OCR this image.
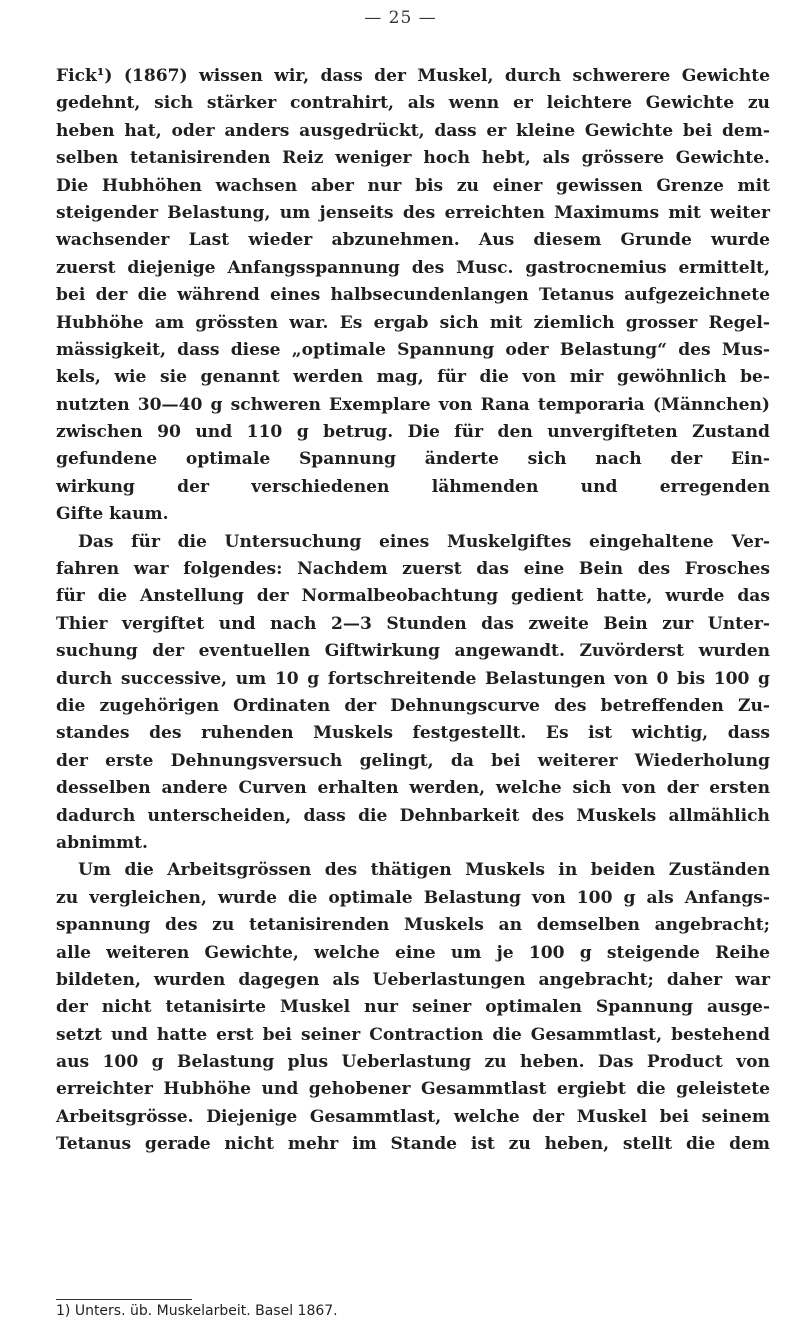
— 25 —
Fick¹) (1867) wissen wir, dass der Muskel, durch schwerere Gewichte
gedehnt, sich stärker contrahirt, als wenn er leichtere Gewichte zu
heben hat, oder anders ausgedrückt, dass er kleine Gewichte bei dem-
selben tetanisirenden Reiz weniger hoch hebt, als grössere Gewichte.
Die Hubhöhen wachsen aber nur bis zu einer gewissen Grenze mit
steigender Belastung, um jenseits des erreichten Maximums mit weiter
wachsender Last wieder abzunehmen. Aus diesem Grunde wurde
zuerst diejenige Anfangsspannung des Musc. gastrocnemius ermittelt,
bei der die während eines halbsecundenlangen Tetanus aufgezeichnete
Hubhöhe am grössten war. Es ergab sich mit ziemlich grosser Regel-
mässigkeit, dass diese „optimale Spannung oder Belastung“ des Mus-
kels, wie sie genannt werden mag, für die von mir gewöhnlich be-
nutzten 30—40 g schweren Exemplare von Rana temporaria (Männchen)
zwischen 90 und 110 g betrug. Die für den unvergifteten Zustand
gefundene optimale Spannung änderte sich nach der Ein-
wirkung der verschiedenen lähmenden und erregenden
Gifte kaum.
Das für die Untersuchung eines Muskelgiftes eingehaltene Ver-
fahren war folgendes: Nachdem zuerst das eine Bein des Frosches
für die Anstellung der Normalbeobachtung gedient hatte, wurde das
Thier vergiftet und nach 2—3 Stunden das zweite Bein zur Unter-
suchung der eventuellen Giftwirkung angewandt. Zuvörderst wurden
durch successive, um 10 g fortschreitende Belastungen von 0 bis 100 g
die zugehörigen Ordinaten der Dehnungscurve des betreffenden Zu-
standes des ruhenden Muskels festgestellt. Es ist wichtig, dass
der erste Dehnungsversuch gelingt, da bei weiterer Wiederholung
desselben andere Curven erhalten werden, welche sich von der ersten
dadurch unterscheiden, dass die Dehnbarkeit des Muskels allmählich
abnimmt.
Um die Arbeitsgrössen des thätigen Muskels in beiden Zuständen
zu vergleichen, wurde die optimale Belastung von 100 g als Anfangs-
spannung des zu tetanisirenden Muskels an demselben angebracht;
alle weiteren Gewichte, welche eine um je 100 g steigende Reihe
bildeten, wurden dagegen als Ueberlastungen angebracht; daher war
der nicht tetanisirte Muskel nur seiner optimalen Spannung ausge-
setzt und hatte erst bei seiner Contraction die Gesammtlast, bestehend
aus 100 g Belastung plus Ueberlastung zu heben. Das Product von
erreichter Hubhöhe und gehobener Gesammtlast ergiebt die geleistete
Arbeitsgrösse. Diejenige Gesammtlast, welche der Muskel bei seinem
Tetanus gerade nicht mehr im Stande ist zu heben, stellt die dem
1) Unters. üb. Muskelarbeit. Basel 1867.
